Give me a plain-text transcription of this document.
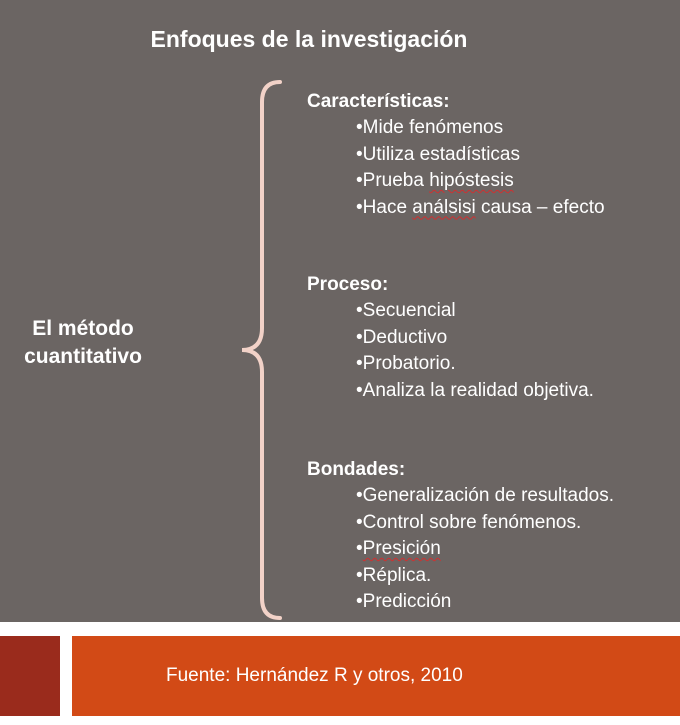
Enfoques de la investigación
El método
cuantitativo
Características:
•Mide fenómenos
•Utiliza estadísticas
•Prueba hipóstesis
•Hace análsisi causa – efecto
Proceso:
•Secuencial
•Deductivo
•Probatorio.
•Analiza la realidad objetiva.
Bondades:
•Generalización de resultados.
•Control sobre fenómenos.
•Presición
•Réplica.
•Predicción
Fuente: Hernández R y otros, 2010
